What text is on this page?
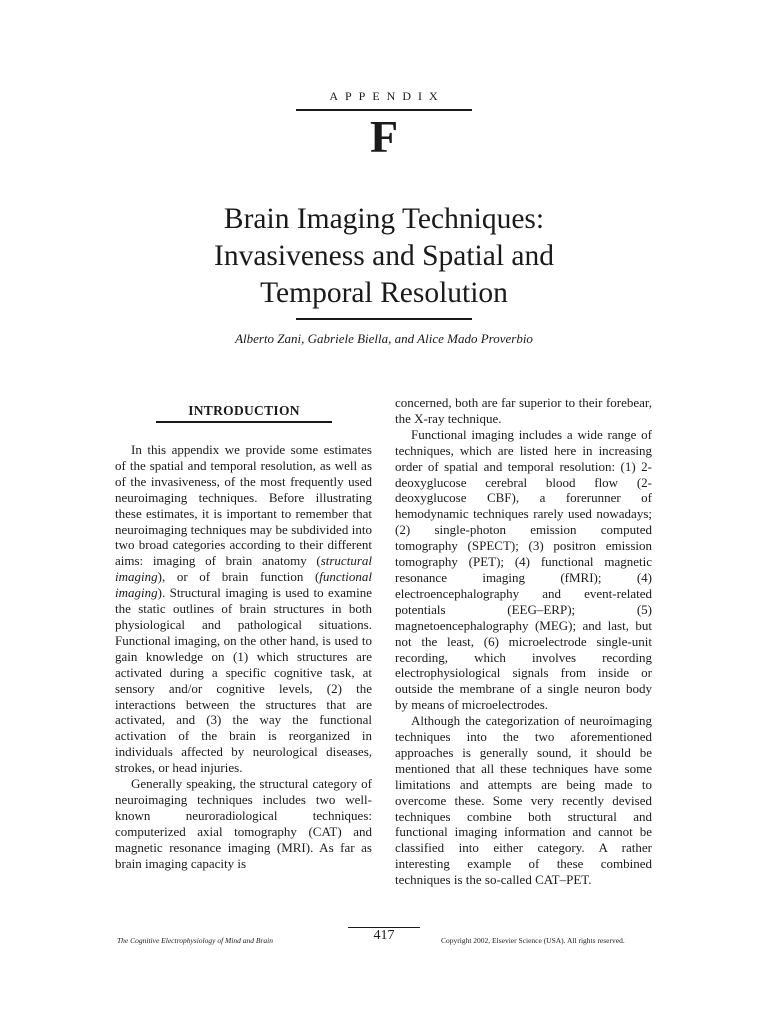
APPENDIX
F
Brain Imaging Techniques:
Invasiveness and Spatial and
Temporal Resolution
Alberto Zani, Gabriele Biella, and Alice Mado Proverbio
INTRODUCTION

In this appendix we provide some estimates of the spatial and temporal resolution, as well as of the invasiveness, of the most frequently used neuroimaging techniques. Before illustrating these estimates, it is important to remember that neuroimaging techniques may be subdivided into two broad categories according to their different aims: imaging of brain anatomy (structural imaging), or of brain function (functional imaging). Structural imaging is used to examine the static outlines of brain structures in both physiological and pathological situations. Functional imaging, on the other hand, is used to gain knowledge on (1) which structures are activated during a specific cognitive task, at sensory and/or cognitive levels, (2) the interactions between the structures that are activated, and (3) the way the functional activation of the brain is reorganized in individuals affected by neurological diseases, strokes, or head injuries.

Generally speaking, the structural category of neuroimaging techniques includes two well-known neuroradiological techniques: computerized axial tomography (CAT) and magnetic resonance imaging (MRI). As far as brain imaging capacity is

concerned, both are far superior to their forebear, the X-ray technique.

Functional imaging includes a wide range of techniques, which are listed here in increasing order of spatial and temporal resolution: (1) 2-deoxyglucose cerebral blood flow (2-deoxyglucose CBF), a forerunner of hemodynamic techniques rarely used nowadays; (2) single-photon emission computed tomography (SPECT); (3) positron emission tomography (PET); (4) functional magnetic resonance imaging (fMRI); (4) electroencephalography and event-related potentials (EEG–ERP); (5) magnetoencephalography (MEG); and last, but not the least, (6) microelectrode single-unit recording, which involves recording electrophysiological signals from inside or outside the membrane of a single neuron body by means of microelectrodes.

Although the categorization of neuroimaging techniques into the two aforementioned approaches is generally sound, it should be mentioned that all these techniques have some limitations and attempts are being made to overcome these. Some very recently devised techniques combine both structural and functional imaging information and cannot be classified into either category. A rather interesting example of these combined techniques is the so-called CAT–PET.

The Cognitive Electrophysiology of Mind and Brain	417	Copyright 2002, Elsevier Science (USA). All rights reserved.
